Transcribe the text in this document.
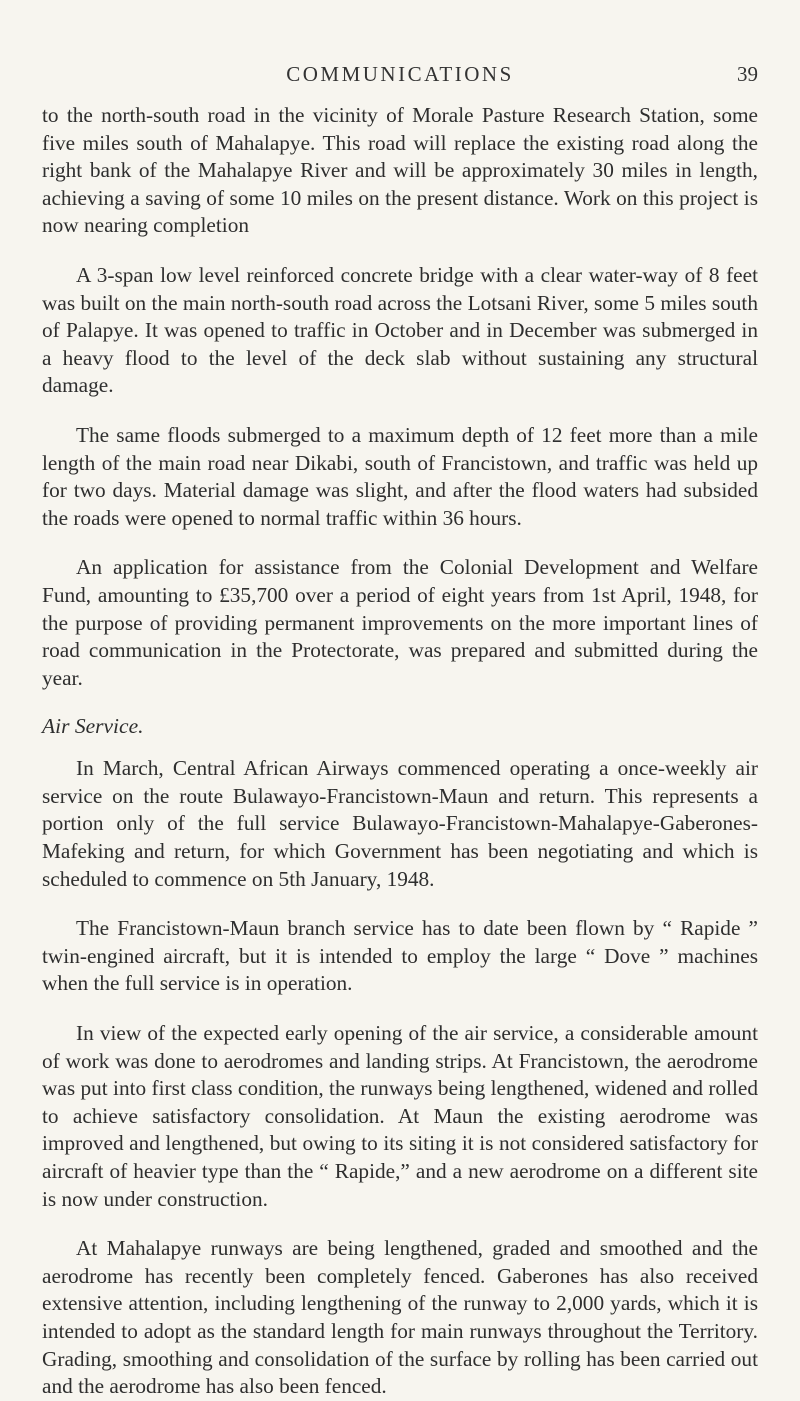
COMMUNICATIONS	39

to the north-south road in the vicinity of Morale Pasture Research Station, some five miles south of Mahalapye. This road will replace the existing road along the right bank of the Mahalapye River and will be approximately 30 miles in length, achieving a saving of some 10 miles on the present distance. Work on this project is now nearing completion

A 3-span low level reinforced concrete bridge with a clear water-way of 8 feet was built on the main north-south road across the Lotsani River, some 5 miles south of Palapye. It was opened to traffic in October and in December was submerged in a heavy flood to the level of the deck slab without sustaining any structural damage.

The same floods submerged to a maximum depth of 12 feet more than a mile length of the main road near Dikabi, south of Francistown, and traffic was held up for two days. Material damage was slight, and after the flood waters had subsided the roads were opened to normal traffic within 36 hours.

An application for assistance from the Colonial Development and Welfare Fund, amounting to £35,700 over a period of eight years from 1st April, 1948, for the purpose of providing permanent improvements on the more important lines of road communication in the Protectorate, was prepared and submitted during the year.

Air Service.

In March, Central African Airways commenced operating a once-weekly air service on the route Bulawayo-Francistown-Maun and return. This represents a portion only of the full service Bulawayo-Francistown-Mahalapye-Gaberones-Mafeking and return, for which Government has been negotiating and which is scheduled to commence on 5th January, 1948.

The Francistown-Maun branch service has to date been flown by “ Rapide ” twin-engined aircraft, but it is intended to employ the large “ Dove ” machines when the full service is in operation.

In view of the expected early opening of the air service, a considerable amount of work was done to aerodromes and landing strips. At Francistown, the aerodrome was put into first class condition, the runways being lengthened, widened and rolled to achieve satisfactory consolidation. At Maun the existing aerodrome was improved and lengthened, but owing to its siting it is not considered satisfactory for aircraft of heavier type than the “ Rapide,” and a new aerodrome on a different site is now under construction.

At Mahalapye runways are being lengthened, graded and smoothed and the aerodrome has recently been completely fenced. Gaberones has also received extensive attention, including lengthening of the runway to 2,000 yards, which it is intended to adopt as the standard length for main runways throughout the Territory. Grading, smoothing and consolidation of the surface by rolling has been carried out and the aerodrome has also been fenced.
